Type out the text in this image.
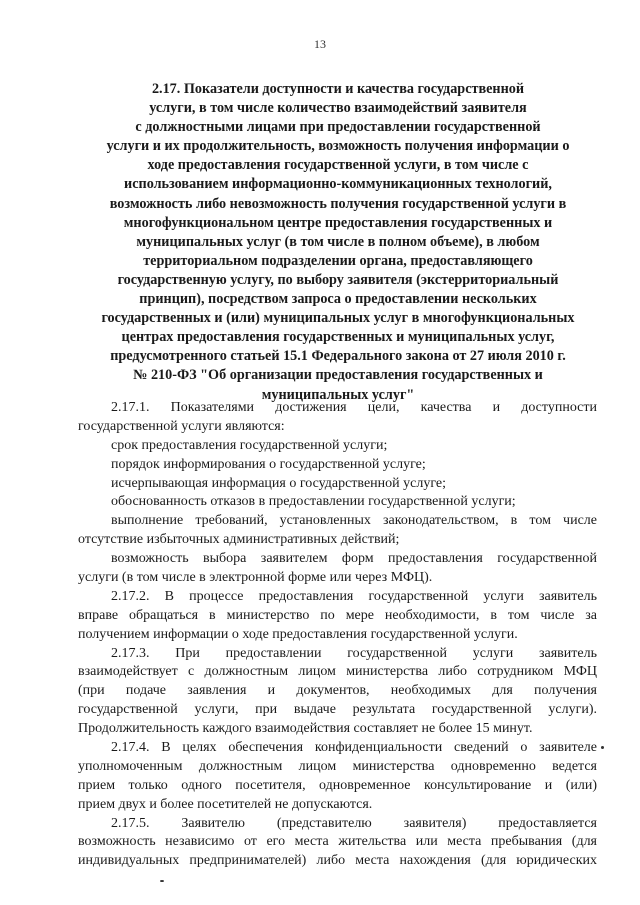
13
2.17. Показатели доступности и качества государственной
услуги, в том числе количество взаимодействий заявителя
с должностными лицами при предоставлении государственной
услуги и их продолжительность, возможность получения информации о
ходе предоставления государственной услуги, в том числе с
использованием информационно-коммуникационных технологий,
возможность либо невозможность получения государственной услуги в
многофункциональном центре предоставления государственных и
муниципальных услуг (в том числе в полном объеме), в любом
территориальном подразделении органа, предоставляющего
государственную услугу, по выбору заявителя (экстерриториальный
принцип), посредством запроса о предоставлении нескольких
государственных и (или) муниципальных услуг в многофункциональных
центрах предоставления государственных и муниципальных услуг,
предусмотренного статьей 15.1 Федерального закона от 27 июля 2010 г.
№ 210-ФЗ "Об организации предоставления государственных и
муниципальных услуг"
2.17.1. Показателями достижения цели, качества и доступности
государственной услуги являются:
срок предоставления государственной услуги;
порядок информирования о государственной услуге;
исчерпывающая информация о государственной услуге;
обоснованность отказов в предоставлении государственной услуги;
выполнение требований, установленных законодательством, в том числе
отсутствие избыточных административных действий;
возможность выбора заявителем форм предоставления государственной
услуги (в том числе в электронной форме или через МФЦ).
2.17.2. В процессе предоставления государственной услуги заявитель
вправе обращаться в министерство по мере необходимости, в том числе за
получением информации о ходе предоставления государственной услуги.
2.17.3. При предоставлении государственной услуги заявитель
взаимодействует с должностным лицом министерства либо сотрудником МФЦ
(при подаче заявления и документов, необходимых для получения
государственной услуги, при выдаче результата государственной услуги).
Продолжительность каждого взаимодействия составляет не более 15 минут.
2.17.4. В целях обеспечения конфиденциальности сведений о заявителе
уполномоченным должностным лицом министерства одновременно ведется
прием только одного посетителя, одновременное консультирование и (или)
прием двух и более посетителей не допускаются.
2.17.5. Заявителю (представителю заявителя) предоставляется
возможность независимо от его места жительства или места пребывания (для
индивидуальных предпринимателей) либо места нахождения (для юридических
